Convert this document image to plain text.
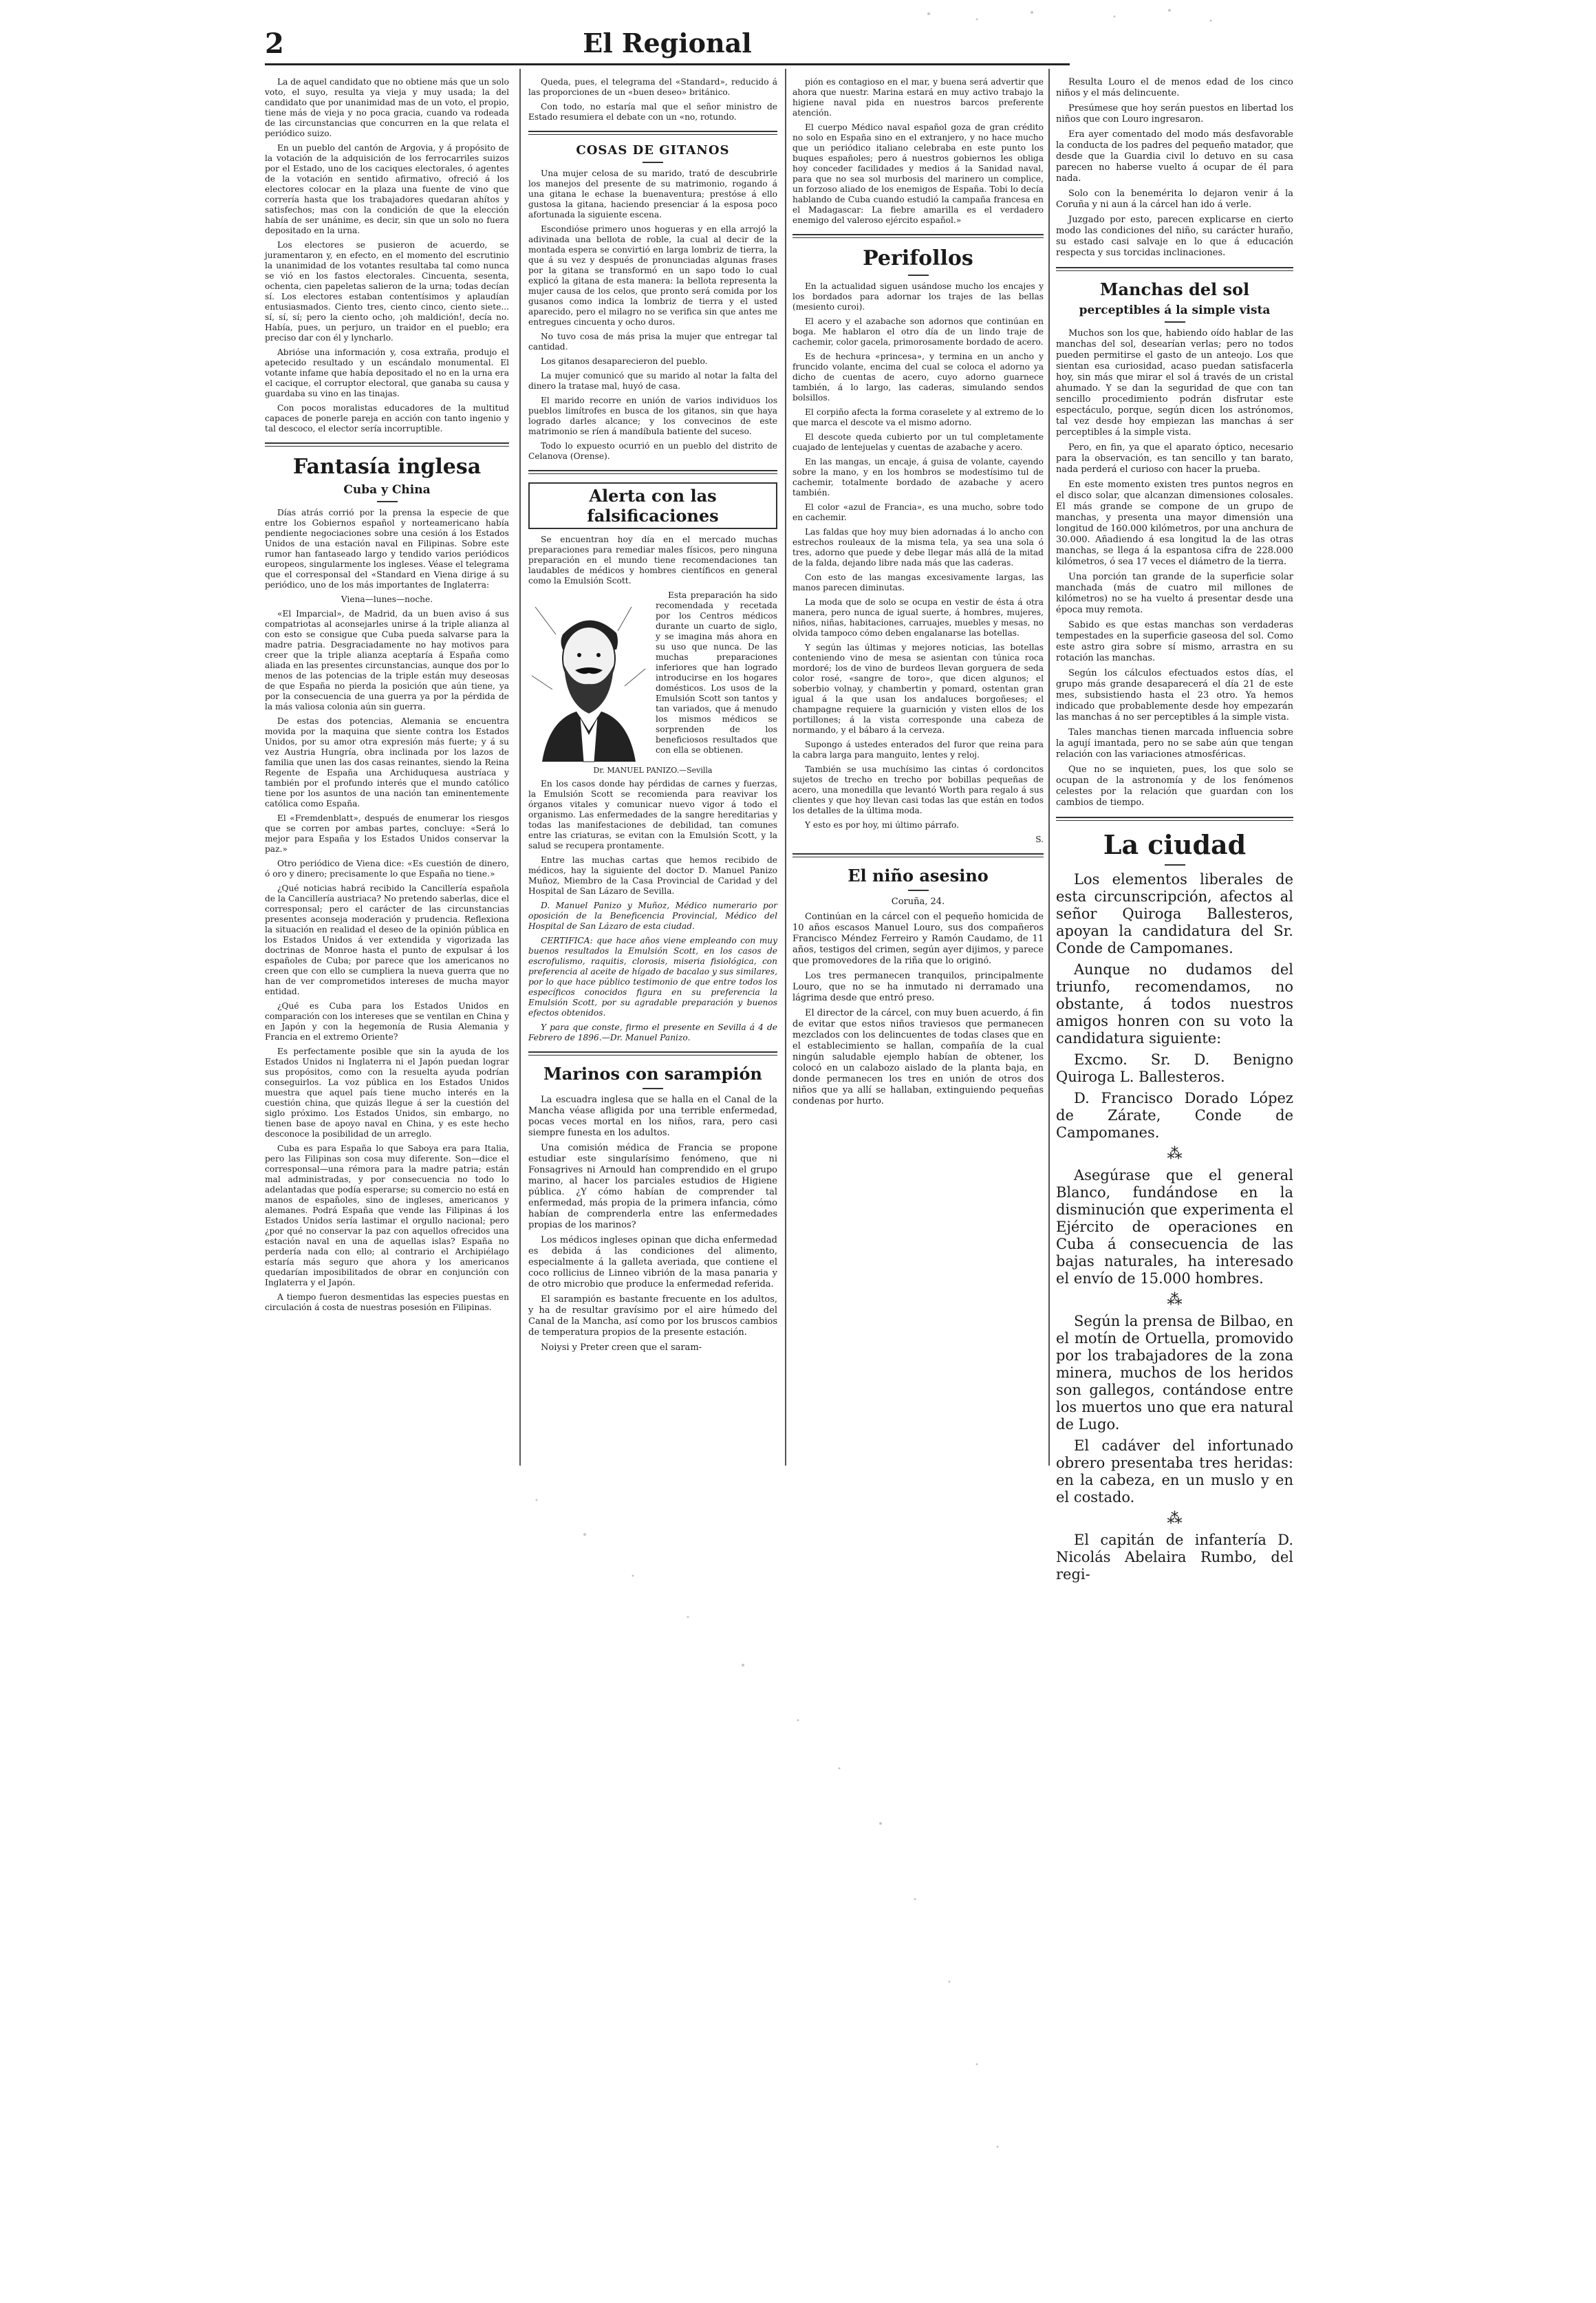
2	El Regional

La de aquel candidato que no obtiene más que un solo voto, el suyo, resulta ya vieja y muy usada; la del candidato que por unanimidad mas de un voto, el propio, tiene más de vieja y no poca gracia, cuando va rodeada de las circunstancias que concurren en la que relata el periódico suizo.

En un pueblo del cantón de Argovia, y á propósito de la votación de la adquisición de los ferrocarriles suizos por el Estado, uno de los caciques electorales, ó agentes de la votación en sentido afirmativo, ofreció á los electores colocar en la plaza una fuente de vino que correría hasta que los trabajadores quedaran ahítos y satisfechos; mas con la condición de que la elección había de ser unánime, es decir, sin que un solo no fuera depositado en la urna.

Los electores se pusieron de acuerdo, se juramentaron y, en efecto, en el momento del escrutinio la unanimidad de los votantes resultaba tal como nunca se vió en los fastos electorales. Cincuenta, sesenta, ochenta, cien papeletas salieron de la urna; todas decían sí. Los electores estaban contentísimos y aplaudían entusiasmados. Ciento tres, ciento cinco, ciento siete... sí, sí, sí; pero la ciento ocho, ¡oh maldición!, decía no. Había, pues, un perjuro, un traidor en el pueblo; era preciso dar con él y lyncharlo.

Abrióse una información y, cosa extraña, produjo el apetecido resultado y un escándalo monumental. El votante infame que había depositado el no en la urna era el cacique, el corruptor electoral, que ganaba su causa y guardaba su vino en las tinajas.

Con pocos moralistas educadores de la multitud capaces de ponerle pareja en acción con tanto ingenio y tal descoco, el elector sería incorruptible.

Fantasía inglesa
Cuba y China

Días atrás corrió por la prensa la especie de que entre los Gobiernos español y norteamericano había pendiente negociaciones sobre una cesión á los Estados Unidos de una estación naval en Filipinas. Sobre este rumor han fantaseado largo y tendido varios periódicos europeos, singularmente los ingleses. Véase el telegrama que el corresponsal del «Standard en Viena dirige á su periódico, uno de los más importantes de Inglaterra:

Viena—lunes—noche.

«El Imparcial», de Madrid, da un buen aviso á sus compatriotas al aconsejarles unirse á la triple alianza al con esto se consigue que Cuba pueda salvarse para la madre patria. Desgraciadamente no hay motivos para creer que la triple alianza aceptaría á España como aliada en las presentes circunstancias, aunque dos por lo menos de las potencias de la triple están muy deseosas de que España no pierda la posición que aún tiene, ya por la consecuencia de una guerra ya por la pérdida de la más valiosa colonia aún sin guerra.

De estas dos potencias, Alemania se encuentra movida por la maquina que siente contra los Estados Unidos, por su amor otra expresión más fuerte; y á su vez Austria Hungría, obra inclinada por los lazos de familia que unen las dos casas reinantes, siendo la Reina Regente de España una Archiduquesa austríaca y también por el profundo interés que el mundo católico tiene por los asuntos de una nación tan eminentemente católica como España.

El «Fremdenblatt», después de enumerar los riesgos que se corren por ambas partes, concluye: «Será lo mejor para España y los Estados Unidos conservar la paz.»

Otro periódico de Viena dice: «Es cuestión de dinero, ó oro y dinero; precisamente lo que España no tiene.»

¿Qué noticias habrá recibido la Cancillería española de la Cancillería austriaca? No pretendo saberlas, dice el corresponsal; pero el carácter de las circunstancias presentes aconseja moderación y prudencia. Reflexiona la situación en realidad el deseo de la opinión pública en los Estados Unidos á ver extendida y vigorizada las doctrinas de Monroe hasta el punto de expulsar á los españoles de Cuba; por parece que los americanos no creen que con ello se cumpliera la nueva guerra que no han de ver comprometidos intereses de mucha mayor entidad.

¿Qué es Cuba para los Estados Unidos en comparación con los intereses que se ventilan en China y en Japón y con la hegemonía de Rusia Alemania y Francia en el extremo Oriente?

Es perfectamente posible que sin la ayuda de los Estados Unidos ni Inglaterra ni el Japón puedan lograr sus propósitos, como con la resuelta ayuda podrían conseguirlos. La voz pública en los Estados Unidos muestra que aquel país tiene mucho interés en la cuestión china, que quizás llegue á ser la cuestión del siglo próximo. Los Estados Unidos, sin embargo, no tienen base de apoyo naval en China, y es este hecho desconoce la posibilidad de un arreglo.

Cuba es para España lo que Saboya era para Italia, pero las Filipinas son cosa muy diferente. Son—dice el corresponsal—una rémora para la madre patria; están mal administradas, y por consecuencia no todo lo adelantadas que podía esperarse; su comercio no está en manos de españoles, sino de ingleses, americanos y alemanes. Podrá España que vende las Filipinas á los Estados Unidos sería lastimar el orgullo nacional; pero ¿por qué no conservar la paz con aquellos ofrecidos una estación naval en una de aquellas islas? España no perdería nada con ello; al contrario el Archipiélago estaría más seguro que ahora y los americanos quedarían imposibilitados de obrar en conjunción con Inglaterra y el Japón.

A tiempo fueron desmentidas las especies puestas en circulación á costa de nuestras posesión en Filipinas.

Queda, pues, el telegrama del «Standard», reducido á las proporciones de un «buen deseo» británico.

Con todo, no estaría mal que el señor ministro de Estado resumiera el debate con un «no, rotundo.

COSAS DE GITANOS

Una mujer celosa de su marido, trató de descubrirle los manejos del presente de su matrimonio, rogando á una gitana le echase la buenaventura; prestóse á ello gustosa la gitana, haciendo presenciar á la esposa poco afortunada la siguiente escena.

Escondióse primero unos hogueras y en ella arrojó la adivinada una bellota de roble, la cual al decir de la montada espera se convirtió en larga lombriz de tierra, la que á su vez y después de pronunciadas algunas frases por la gitana se transformó en un sapo todo lo cual explicó la gitana de esta manera: la bellota representa la mujer causa de los celos, que pronto será comida por los gusanos como indica la lombriz de tierra y el usted aparecido, pero el milagro no se verifica sin que antes me entregues cincuenta y ocho duros.

No tuvo cosa de más prisa la mujer que entregar tal cantidad.

Los gitanos desaparecieron del pueblo.

La mujer comunicó que su marido al notar la falta del dinero la tratase mal, huyó de casa.

El marido recorre en unión de varios individuos los pueblos limítrofes en busca de los gitanos, sin que haya logrado darles alcance; y los convecinos de este matrimonio se ríen á mandíbula batiente del suceso.

Todo lo expuesto ocurrió en un pueblo del distrito de Celanova (Orense).

Alerta con las falsificaciones

Se encuentran hoy día en el mercado muchas preparaciones para remediar males físicos, pero ninguna preparación en el mundo tiene recomendaciones tan laudables de médicos y hombres científicos en general como la Emulsión Scott.

Esta preparación ha sido recomendada y recetada por los Centros médicos durante un cuarto de siglo, y se imagina más ahora en su uso que nunca. De las muchas preparaciones inferiores que han logrado introducirse en los hogares domésticos. Los usos de la Emulsión Scott son tantos y tan variados, que á menudo los mismos médicos se sorprenden de los beneficiosos resultados que con ella se obtienen.

Dr. MANUEL PANIZO.—Sevilla

En los casos donde hay pérdidas de carnes y fuerzas, la Emulsión Scott se recomienda para reavivar los órganos vitales y comunicar nuevo vigor á todo el organismo. Las enfermedades de la sangre hereditarias y todas las manifestaciones de debilidad, tan comunes entre las criaturas, se evitan con la Emulsión Scott, y la salud se recupera prontamente.

Entre las muchas cartas que hemos recibido de médicos, hay la siguiente del doctor D. Manuel Panizo Muñoz, Miembro de la Casa Provincial de Caridad y del Hospital de San Lázaro de Sevilla.

D. Manuel Panizo y Muñoz, Médico numerario por oposición de la Beneficencia Provincial, Médico del Hospital de San Lázaro de esta ciudad.

CERTIFICA: que hace años viene empleando con muy buenos resultados la Emulsión Scott, en los casos de escrofulismo, raquitis, clorosis, miseria fisiológica, con preferencia al aceite de hígado de bacalao y sus similares, por lo que hace público testimonio de que entre todos los específicos conocidos figura en su preferencia la Emulsión Scott, por su agradable preparación y buenos efectos obtenidos.

Y para que conste, firmo el presente en Sevilla á 4 de Febrero de 1896.—Dr. Manuel Panizo.

Marinos con sarampión

La escuadra inglesa que se halla en el Canal de la Mancha véase afligida por una terrible enfermedad, pocas veces mortal en los niños, rara, pero casi siempre funesta en los adultos.

Una comisión médica de Francia se propone estudiar este singularísimo fenómeno, que ni Fonsagrives ni Arnould han comprendido en el grupo marino, al hacer los parciales estudios de Higiene pública. ¿Y cómo habían de comprender tal enfermedad, más propia de la primera infancia, cómo habían de comprenderla entre las enfermedades propias de los marinos?

Los médicos ingleses opinan que dicha enfermedad es debida á las condiciones del alimento, especialmente á la galleta averiada, que contiene el coco rollicius de Linneo vibrión de la masa panaria y de otro microbio que produce la enfermedad referida.

El sarampión es bastante frecuente en los adultos, y ha de resultar gravísimo por el aire húmedo del Canal de la Mancha, así como por los bruscos cambios de temperatura propios de la presente estación.

Noiysi y Preter creen que el saram-

pión es contagioso en el mar, y buena será advertir que ahora que nuestr. Marina estará en muy activo trabajo la higiene naval pida en nuestros barcos preferente atención.

El cuerpo Médico naval español goza de gran crédito no solo en España sino en el extranjero, y no hace mucho que un periódico italiano celebraba en este punto los buques españoles; pero á nuestros gobiernos les obliga hoy conceder facilidades y medios á la Sanidad naval, para que no sea sol murbosis del marinero un complice, un forzoso aliado de los enemigos de España. Tobi lo decía hablando de Cuba cuando estudió la campaña francesa en el Madagascar: La fiebre amarilla es el verdadero enemigo del valeroso ejército español.»

Perifollos

En la actualidad siguen usándose mucho los encajes y los bordados para adornar los trajes de las bellas (mesiento curoi).

El acero y el azabache son adornos que continúan en boga. Me hablaron el otro día de un lindo traje de cachemir, color gacela, primorosamente bordado de acero.

Es de hechura «princesa», y termina en un ancho y fruncido volante, encima del cual se coloca el adorno ya dicho de cuentas de acero, cuyo adorno guarnece también, á lo largo, las caderas, simulando sendos bolsillos.

El corpiño afecta la forma coraselete y al extremo de lo que marca el descote va el mismo adorno.

El descote queda cubierto por un tul completamente cuajado de lentejuelas y cuentas de azabache y acero.

En las mangas, un encaje, á guisa de volante, cayendo sobre la mano, y en los hombros se modestísimo tul de cachemir, totalmente bordado de azabache y acero también.

El color «azul de Francia», es una mucho, sobre todo en cachemir.

Las faldas que hoy muy bien adornadas á lo ancho con estrechos rouleaux de la misma tela, ya sea una sola ó tres, adorno que puede y debe llegar más allá de la mitad de la falda, dejando libre nada más que las caderas.

Con esto de las mangas excesivamente largas, las manos parecen diminutas.

La moda que de solo se ocupa en vestir de ésta á otra manera, pero nunca de igual suerte, á hombres, mujeres, niños, niñas, habitaciones, carruajes, muebles y mesas, no olvida tampoco cómo deben engalanarse las botellas.

Y según las últimas y mejores noticias, las botellas conteniendo vino de mesa se asientan con túnica roca mordoré; los de vino de burdeos llevan gorguera de seda color rosé, «sangre de toro», que dicen algunos; el soberbio volnay, y chambertin y pomard, ostentan gran igual á la que usan los andaluces borgoñeses; el champagne requiere la guarnición y visten ellos de los portillones; á la vista corresponde una cabeza de normando, y el bábaro á la cerveza.

Supongo á ustedes enterados del furor que reina para la cabra larga para manguito, lentes y reloj.

También se usa muchísimo las cintas ó cordoncitos sujetos de trecho en trecho por bobillas pequeñas de acero, una monedilla que levantó Worth para regalo á sus clientes y que hoy llevan casi todas las que están en todos los detalles de la última moda.

Y esto es por hoy, mi último párrafo.

S.

El niño asesino

Coruña, 24.

Continúan en la cárcel con el pequeño homicida de 10 años escasos Manuel Louro, sus dos compañeros Francisco Méndez Ferreiro y Ramón Caudamo, de 11 años, testigos del crimen, según ayer dijimos, y parece que promovedores de la riña que lo originó.

Los tres permanecen tranquilos, principalmente Louro, que no se ha inmutado ni derramado una lágrima desde que entró preso.

El director de la cárcel, con muy buen acuerdo, á fin de evitar que estos niños traviesos que permanecen mezclados con los delincuentes de todas clases que en el establecimiento se hallan, compañía de la cual ningún saludable ejemplo habían de obtener, los colocó en un calabozo aislado de la planta baja, en donde permanecen los tres en unión de otros dos niños que ya allí se hallaban, extinguiendo pequeñas condenas por hurto.

Resulta Louro el de menos edad de los cinco niños y el más delincuente.

Presúmese que hoy serán puestos en libertad los niños que con Louro ingresaron.

Era ayer comentado del modo más desfavorable la conducta de los padres del pequeño matador, que desde que la Guardia civil lo detuvo en su casa parecen no haberse vuelto á ocupar de él para nada.

Solo con la benemérita lo dejaron venir á la Coruña y ni aun á la cárcel han ido á verle.

Juzgado por esto, parecen explicarse en cierto modo las condiciones del niño, su carácter huraño, su estado casi salvaje en lo que á educación respecta y sus torcidas inclinaciones.

Manchas del sol
perceptibles á la simple vista

Muchos son los que, habiendo oído hablar de las manchas del sol, desearían verlas; pero no todos pueden permitirse el gasto de un anteojo. Los que sientan esa curiosidad, acaso puedan satisfacerla hoy, sin más que mirar el sol á través de un cristal ahumado. Y se dan la seguridad de que con tan sencillo procedimiento podrán disfrutar este espectáculo, porque, según dicen los astrónomos, tal vez desde hoy empiezan las manchas á ser perceptibles á la simple vista.

Pero, en fin, ya que el aparato óptico, necesario para la observación, es tan sencillo y tan barato, nada perderá el curioso con hacer la prueba.

En este momento existen tres puntos negros en el disco solar, que alcanzan dimensiones colosales. El más grande se compone de un grupo de manchas, y presenta una mayor dimensión una longitud de 160.000 kilómetros, por una anchura de 30.000. Añadiendo á esa longitud la de las otras manchas, se llega á la espantosa cifra de 228.000 kilómetros, ó sea 17 veces el diámetro de la tierra.

Una porción tan grande de la superficie solar manchada (más de cuatro mil millones de kilómetros) no se ha vuelto á presentar desde una época muy remota.

Sabido es que estas manchas son verdaderas tempestades en la superficie gaseosa del sol. Como este astro gira sobre sí mismo, arrastra en su rotación las manchas.

Según los cálculos efectuados estos días, el grupo más grande desaparecerá el día 21 de este mes, subsistiendo hasta el 23 otro. Ya hemos indicado que probablemente desde hoy empezarán las manchas á no ser perceptibles á la simple vista.

Tales manchas tienen marcada influencia sobre la agují imantada, pero no se sabe aún que tengan relación con las variaciones atmosféricas.

Que no se inquieten, pues, los que solo se ocupan de la astronomía y de los fenómenos celestes por la relación que guardan con los cambios de tiempo.

La ciudad

Los elementos liberales de esta circunscripción, afectos al señor Quiroga Ballesteros, apoyan la candidatura del Sr. Conde de Campomanes.

Aunque no dudamos del triunfo, recomendamos, no obstante, á todos nuestros amigos honren con su voto la candidatura siguiente:

Excmo. Sr. D. Benigno Quiroga L. Ballesteros.

D. Francisco Dorado López de Zárate, Conde de Campomanes.

⁂

Asegúrase que el general Blanco, fundándose en la disminución que experimenta el Ejército de operaciones en Cuba á consecuencia de las bajas naturales, ha interesado el envío de 15.000 hombres.

⁂

Según la prensa de Bilbao, en el motín de Ortuella, promovido por los trabajadores de la zona minera, muchos de los heridos son gallegos, contándose entre los muertos uno que era natural de Lugo.

El cadáver del infortunado obrero presentaba tres heridas: en la cabeza, en un muslo y en el costado.

⁂

El capitán de infantería D. Nicolás Abelaira Rumbo, del regi-
